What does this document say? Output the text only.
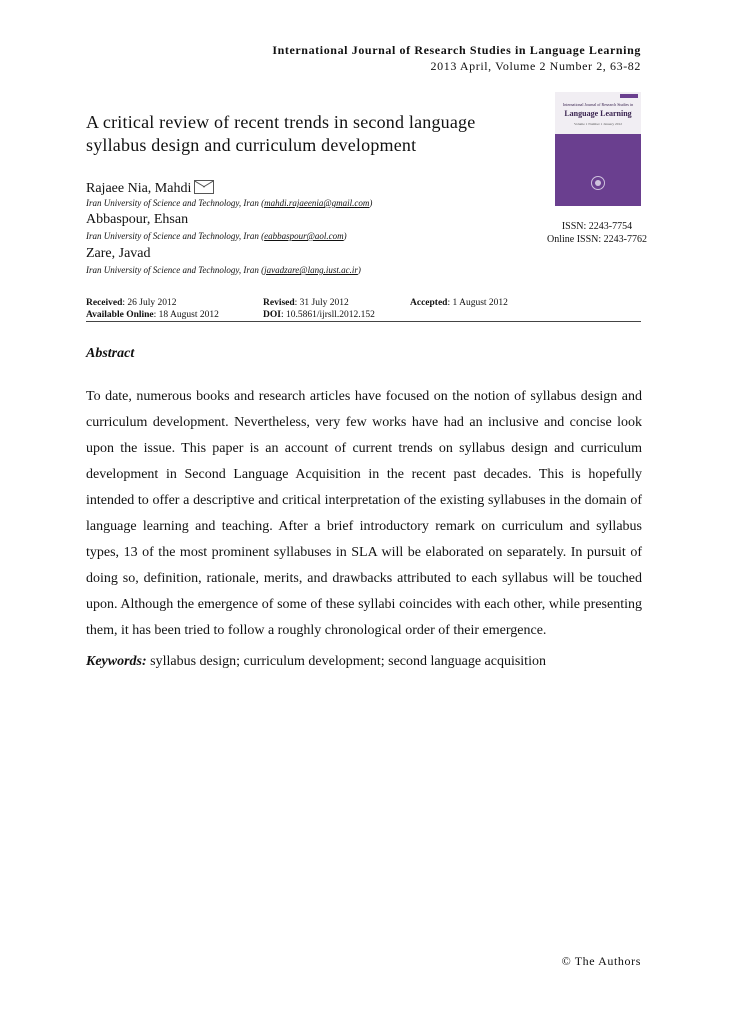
International Journal of Research Studies in Language Learning
2013 April, Volume 2 Number 2, 63-82
International Journal of Research Studies in
Language Learning
Volume 1 Number 1 January 2012
ISSN: 2243-7754
Online ISSN: 2243-7762
A critical review of recent trends in second language syllabus design and curriculum development
Rajaee Nia, Mahdi
Iran University of Science and Technology, Iran (mahdi.rajaeenia@gmail.com)
Abbaspour, Ehsan
Iran University of Science and Technology, Iran (eabbaspour@aol.com)
Zare, Javad
Iran University of Science and Technology, Iran (javadzare@lang.iust.ac.ir)
Received: 26 July 2012	Revised: 31 July 2012	Accepted: 1 August 2012
Available Online: 18 August 2012	DOI: 10.5861/ijrsll.2012.152
Abstract

To date, numerous books and research articles have focused on the notion of syllabus design and curriculum development. Nevertheless, very few works have had an inclusive and concise look upon the issue. This paper is an account of current trends on syllabus design and curriculum development in Second Language Acquisition in the recent past decades. This is hopefully intended to offer a descriptive and critical interpretation of the existing syllabuses in the domain of language learning and teaching. After a brief introductory remark on curriculum and syllabus types, 13 of the most prominent syllabuses in SLA will be elaborated on separately. In pursuit of doing so, definition, rationale, merits, and drawbacks attributed to each syllabus will be touched upon. Although the emergence of some of these syllabi coincides with each other, while presenting them, it has been tried to follow a roughly chronological order of their emergence.

Keywords: syllabus design; curriculum development; second language acquisition
© The Authors
